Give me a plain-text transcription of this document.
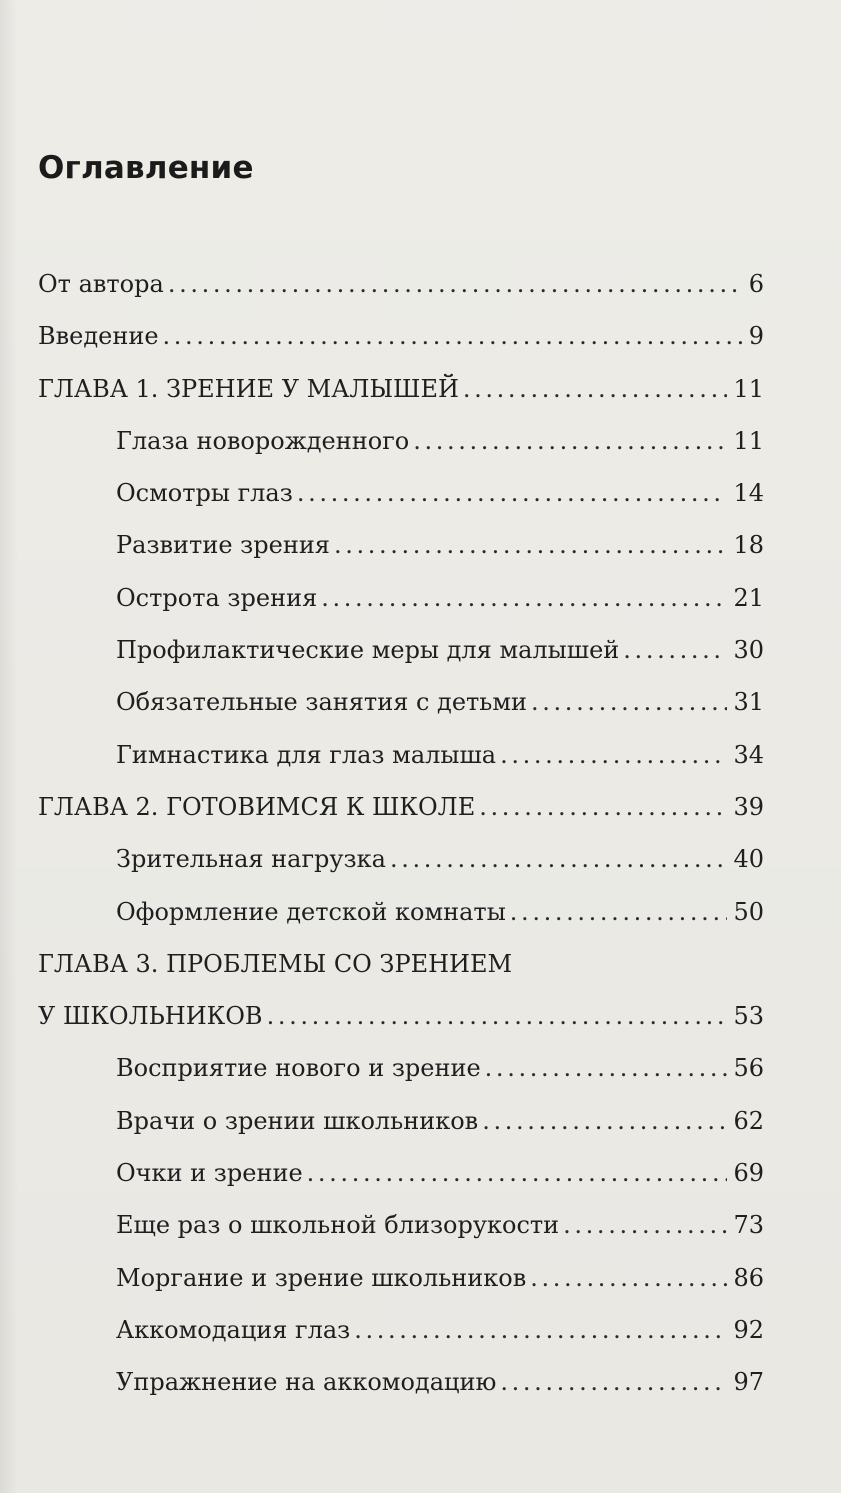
Оглавление
От автора . . .	6
Введение . . .	9
ГЛАВА 1. ЗРЕНИЕ У МАЛЫШЕЙ . . .	11
Глаза новорожденного . . .	11
Осмотры глаз . . .	14
Развитие зрения . . .	18
Острота зрения . . .	21
Профилактические меры для малышей . . .	30
Обязательные занятия с детьми . . .	31
Гимнастика для глаз малыша . . .	34
ГЛАВА 2. ГОТОВИМСЯ К ШКОЛЕ . . .	39
Зрительная нагрузка . . .	40
Оформление детской комнаты . . .	50
ГЛАВА 3. ПРОБЛЕМЫ СО ЗРЕНИЕМ
У ШКОЛЬНИКОВ . . .	53
Восприятие нового и зрение . . .	56
Врачи о зрении школьников . . .	62
Очки и зрение . . .	69
Еще раз о школьной близорукости . . .	73
Моргание и зрение школьников . . .	86
Аккомодация глаз . . .	92
Упражнение на аккомодацию . . .	97
